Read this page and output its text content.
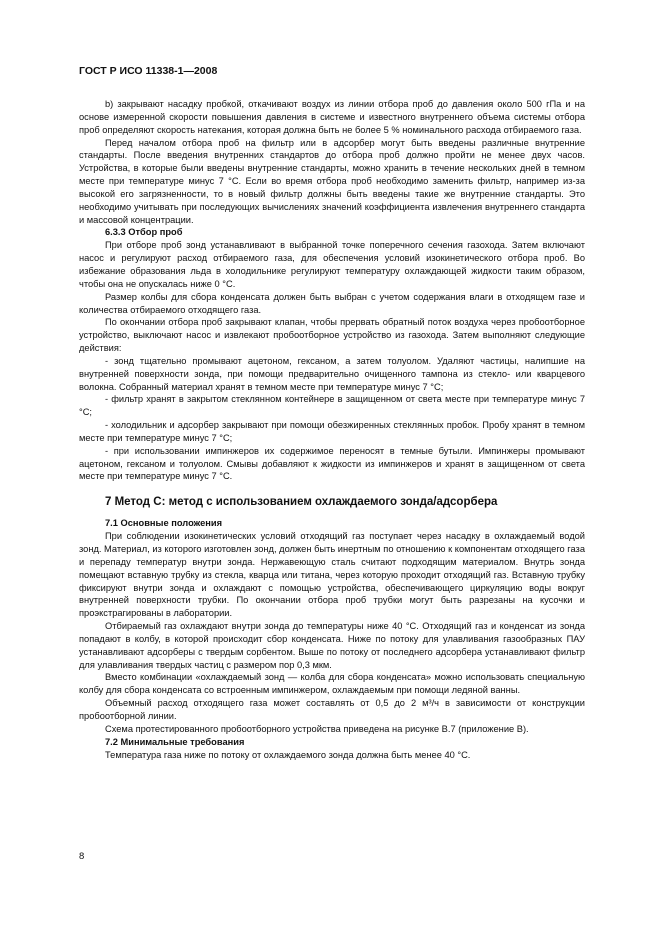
ГОСТ Р ИСО 11338-1—2008

b) закрывают насадку пробкой, откачивают воздух из линии отбора проб до давления около 500 гПа и на основе измеренной скорости повышения давления в системе и известного внутреннего объема системы отбора проб определяют скорость натекания, которая должна быть не более 5 % номинального расхода отбираемого газа.

Перед началом отбора проб на фильтр или в адсорбер могут быть введены различные внутренние стандарты. После введения внутренних стандартов до отбора проб должно пройти не менее двух часов. Устройства, в которые были введены внутренние стандарты, можно хранить в течение нескольких дней в темном месте при температуре минус 7 °С. Если во время отбора проб необходимо заменить фильтр, например из-за высокой его загрязненности, то в новый фильтр должны быть введены такие же внутренние стандарты. Это необходимо учитывать при последующих вычислениях значений коэффициента извлечения внутреннего стандарта и массовой концентрации.

6.3.3 Отбор проб

При отборе проб зонд устанавливают в выбранной точке поперечного сечения газохода. Затем включают насос и регулируют расход отбираемого газа, для обеспечения условий изокинетического отбора проб. Во избежание образования льда в холодильнике регулируют температуру охлаждающей жидкости таким образом, чтобы она не опускалась ниже 0 °С.

Размер колбы для сбора конденсата должен быть выбран с учетом содержания влаги в отходящем газе и количества отбираемого отходящего газа.

По окончании отбора проб закрывают клапан, чтобы прервать обратный поток воздуха через пробоотборное устройство, выключают насос и извлекают пробоотборное устройство из газохода. Затем выполняют следующие действия:

- зонд тщательно промывают ацетоном, гексаном, а затем толуолом. Удаляют частицы, налипшие на внутренней поверхности зонда, при помощи предварительно очищенного тампона из стекло- или кварцевого волокна. Собранный материал хранят в темном месте при температуре минус 7 °С;

- фильтр хранят в закрытом стеклянном контейнере в защищенном от света месте при температуре минус 7 °С;

- холодильник и адсорбер закрывают при помощи обезжиренных стеклянных пробок. Пробу хранят в темном месте при температуре минус 7 °С;

- при использовании импинжеров их содержимое переносят в темные бутыли. Импинжеры промывают ацетоном, гексаном и толуолом. Смывы добавляют к жидкости из импинжеров и хранят в защищенном от света месте при температуре минус 7 °С.

7 Метод С: метод с использованием охлаждаемого зонда/адсорбера

7.1 Основные положения

При соблюдении изокинетических условий отходящий газ поступает через насадку в охлаждаемый водой зонд. Материал, из которого изготовлен зонд, должен быть инертным по отношению к компонентам отходящего газа и перепаду температур внутри зонда. Нержавеющую сталь считают подходящим материалом. Внутрь зонда помещают вставную трубку из стекла, кварца или титана, через которую проходит отходящий газ. Вставную трубку фиксируют внутри зонда и охлаждают с помощью устройства, обеспечивающего циркуляцию воды вокруг внутренней поверхности трубки. По окончании отбора проб трубки могут быть разрезаны на кусочки и проэкстрагированы в лаборатории.

Отбираемый газ охлаждают внутри зонда до температуры ниже 40 °С. Отходящий газ и конденсат из зонда попадают в колбу, в которой происходит сбор конденсата. Ниже по потоку для улавливания газообразных ПАУ устанавливают адсорберы с твердым сорбентом. Выше по потоку от последнего адсорбера устанавливают фильтр для улавливания твердых частиц с размером пор 0,3 мкм.

Вместо комбинации «охлаждаемый зонд — колба для сбора конденсата» можно использовать специальную колбу для сбора конденсата со встроенным импинжером, охлаждаемым при помощи ледяной ванны.

Объемный расход отходящего газа может составлять от 0,5 до 2 м³/ч в зависимости от конструкции пробоотборной линии.

Схема протестированного пробоотборного устройства приведена на рисунке В.7 (приложение В).

7.2 Минимальные требования

Температура газа ниже по потоку от охлаждаемого зонда должна быть менее 40 °С.

8
